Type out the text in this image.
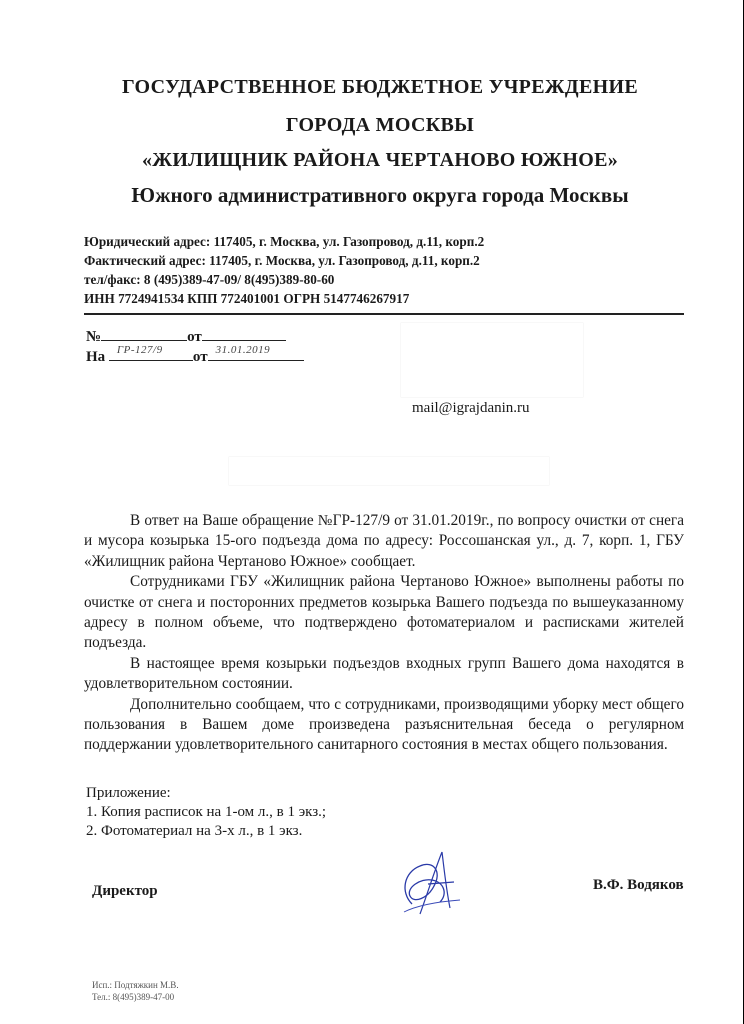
ГОСУДАРСТВЕННОЕ БЮДЖЕТНОЕ УЧРЕЖДЕНИЕ
ГОРОДА МОСКВЫ
«ЖИЛИЩНИК РАЙОНА ЧЕРТАНОВО ЮЖНОЕ»
Южного административного округа города Москвы
Юридический адрес: 117405, г. Москва, ул. Газопровод, д.11, корп.2
Фактический адрес: 117405, г. Москва, ул. Газопровод, д.11, корп.2
тел/факс: 8 (495)389-47-09/ 8(495)389-80-60
ИНН 7724941534 КПП 772401001 ОГРН 5147746267917
№	от
На ГР-127/9 от 31.01.2019
mail@igrajdanin.ru

В ответ на Ваше обращение №ГР-127/9 от 31.01.2019г., по вопросу очистки от снега и мусора козырька 15-ого подъезда дома по адресу: Россошанская ул., д. 7, корп. 1, ГБУ «Жилищник района Чертаново Южное» сообщает.

Сотрудниками ГБУ «Жилищник района Чертаново Южное» выполнены работы по очистке от снега и посторонних предметов козырька Вашего подъезда по вышеуказанному адресу в полном объеме, что подтверждено фотоматериалом и расписками жителей подъезда.

В настоящее время козырьки подъездов входных групп Вашего дома находятся в удовлетворительном состоянии.

Дополнительно сообщаем, что с сотрудниками, производящими уборку мест общего пользования в Вашем доме произведена разъяснительная беседа о регулярном поддержании удовлетворительного санитарного состояния в местах общего пользования.

Приложение:
1. Копия расписок на 1-ом л., в 1 экз.;
2. Фотоматериал на 3-х л., в 1 экз.
Директор	В.Ф. Водяков
Исп.: Подтяжкин М.В.
Тел.: 8(495)389-47-00
